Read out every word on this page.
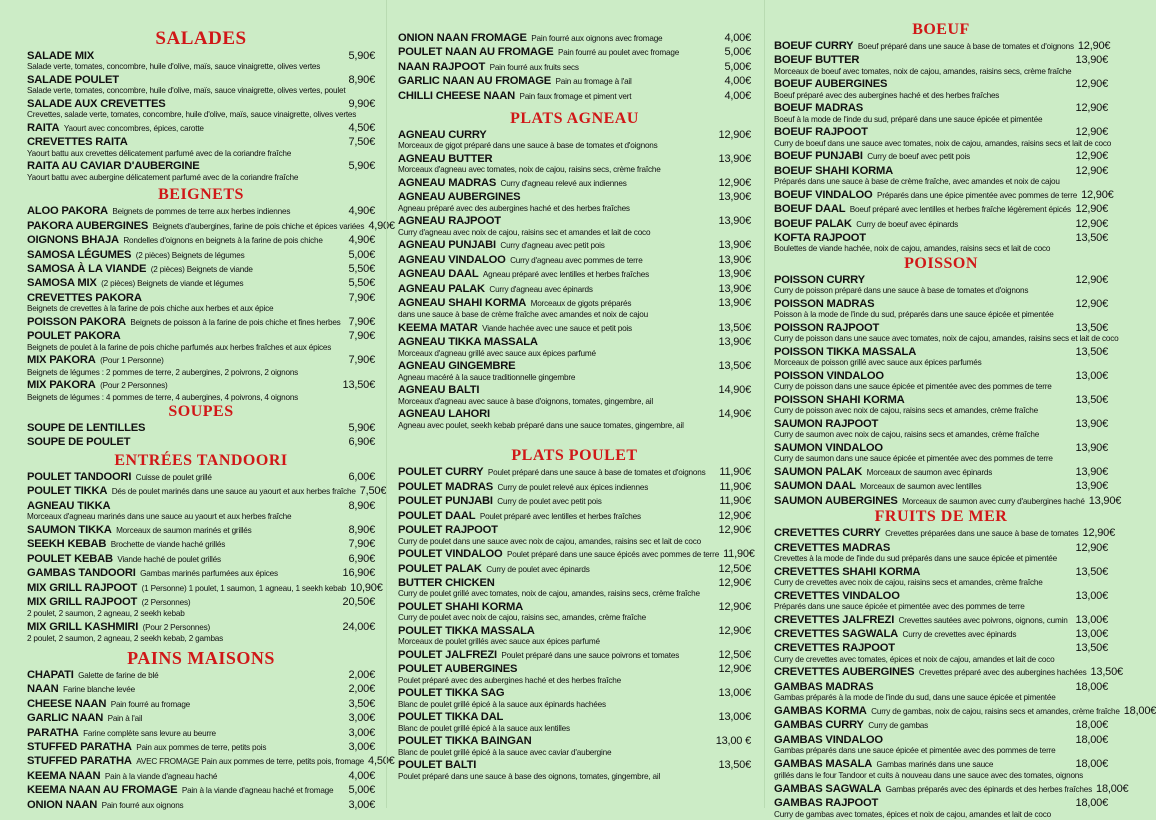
SALADES
SALADE MIX	5,90€
Salade verte, tomates, concombre, huile d'olive, maïs, sauce vinaigrette, olives vertes
SALADE POULET	8,90€
Salade verte, tomates, concombre, huile d'olive, maïs, sauce vinaigrette, olives vertes, poulet
SALADE AUX CREVETTES	9,90€
Crevettes, salade verte, tomates, concombre, huile d'olive, maïs, sauce vinaigrette, olives vertes
RAITA Yaourt avec concombres, épices, carotte	4,50€
CREVETTES RAITA	7,50€
Yaourt battu aux crevettes délicatement parfumé avec de la coriandre fraîche
RAITA AU CAVIAR D'AUBERGINE	5,90€
Yaourt battu avec aubergine délicatement parfumé avec de la coriandre fraîche
BEIGNETS
ALOO PAKORA Beignets de pommes de terre aux herbes indiennes	4,90€
PAKORA AUBERGINES Beignets d'aubergines, farine de pois chiche et épices variées 4,90€
OIGNONS BHAJA Rondelles d'oignons en beignets à la farine de pois chiche 4,90€
SAMOSA LÉGUMES (2 pièces) Beignets de légumes	5,00€
SAMOSA À LA VIANDE (2 pièces) Beignets de viande	5,50€
SAMOSA MIX (2 pièces) Beignets de viande et légumes	5,50€
CREVETTES PAKORA	7,90€
Beignets de crevettes à la farine de pois chiche aux herbes et aux épice
POISSON PAKORA Beignets de poisson à la farine de pois chiche et fines herbes 7,90€
POULET PAKORA	7,90€
Beignets de poulet à la farine de pois chiche parfumés aux herbes fraîches et aux épices
MIX PAKORA (Pour 1 Personne)	7,90€
Beignets de légumes : 2 pommes de terre, 2 aubergines, 2 poivrons, 2 oignons
MIX PAKORA (Pour 2 Personnes)	13,50€
Beignets de légumes : 4 pommes de terre, 4 aubergines, 4 poivrons, 4 oignons
SOUPES
SOUPE DE LENTILLES	5,90€
SOUPE DE POULET	6,90€
ENTRÉES TANDOORI
POULET TANDOORI Cuisse de poulet grillé	6,00€
POULET TIKKA Dés de poulet marinés dans une sauce au yaourt et aux herbes fraîche 7,50€
AGNEAU TIKKA	8,90€
Morceaux d'agneau marinés dans une sauce au yaourt et aux herbes fraîche
SAUMON TIKKA Morceaux de saumon marinés et grillés	8,90€
SEEKH KEBAB Brochette de viande haché grillés	7,90€
POULET KEBAB Viande haché de poulet grillés	6,90€
GAMBAS TANDOORI Gambas marinés parfumées aux épices	16,90€
MIX GRILL RAJPOOT (1 Personne) 1 poulet, 1 saumon, 1 agneau, 1 seekh kebab 10,90€
MIX GRILL RAJPOOT (2 Personnes)	20,50€
2 poulet, 2 saumon, 2 agneau, 2 seekh kebab
MIX GRILL KASHMIRI (Pour 2 Personnes)	24,00€
2 poulet, 2 saumon, 2 agneau, 2 seekh kebab, 2 gambas
PAINS MAISONS
CHAPATI Galette de farine de blé	2,00€
NAAN Farine blanche levée	2,00€
CHEESE NAAN Pain fourré au fromage	3,50€
GARLIC NAAN Pain à l'ail	3,00€
PARATHA Farine complète sans levure au beurre	3,00€
STUFFED PARATHA Pain aux pommes de terre, petits pois	3,00€
STUFFED PARATHA AVEC FROMAGE Pain aux pommes de terre, petits pois, fromage 4,50€
KEEMA NAAN Pain à la viande d'agneau haché	4,00€
KEEMA NAAN AU FROMAGE Pain à la viande d'agneau haché et fromage 5,00€
ONION NAAN Pain fourré aux oignons	3,00€
ONION NAAN FROMAGE Pain fourré aux oignons avec fromage	4,00€
POULET NAAN AU FROMAGE Pain fourré au poulet avec fromage	5,00€
NAAN RAJPOOT Pain fourré aux fruits secs	5,00€
GARLIC NAAN AU FROMAGE Pain au fromage à l'ail	4,00€
CHILLI CHEESE NAAN Pain faux fromage et piment vert	4,00€
PLATS AGNEAU
AGNEAU CURRY	12,90€
Morceaux de gigot préparé dans une sauce à base de tomates et d'oignons
AGNEAU BUTTER	13,90€
Morceaux d'agneau avec tomates, noix de cajou, raisins secs, crème fraîche
AGNEAU MADRAS Curry d'agneau relevé aux indiennes	12,90€
AGNEAU AUBERGINES	13,90€
Agneau préparé avec des aubergines haché et des herbes fraîches
AGNEAU RAJPOOT	13,90€
Curry d'agneau avec noix de cajou, raisins sec et amandes et lait de coco
AGNEAU PUNJABI Curry d'agneau avec petit pois	13,90€
AGNEAU VINDALOO Curry d'agneau avec pommes de terre	13,90€
AGNEAU DAAL Agneau préparé avec lentilles et herbes fraîches	13,90€
AGNEAU PALAK Curry d'agneau avec épinards	13,90€
AGNEAU SHAHI KORMA Morceaux de gigots préparés	13,90€
dans une sauce à base de crème fraîche avec amandes et noix de cajou
KEEMA MATAR Viande hachée avec une sauce et petit pois	13,50€
AGNEAU TIKKA MASSALA	13,90€
Morceaux d'agneau grillé avec sauce aux épices parfumé
AGNEAU GINGEMBRE	13,50€
Agneau macéré à la sauce traditionnelle gingembre
AGNEAU BALTI	14,90€
Morceaux d'agneau avec sauce à base d'oignons, tomates, gingembre, ail
AGNEAU LAHORI	14,90€
Agneau avec poulet, seekh kebab préparé dans une sauce tomates, gingembre, ail
PLATS POULET
POULET CURRY Poulet préparé dans une sauce à base de tomates et d'oignons 11,90€
POULET MADRAS Curry de poulet relevé aux épices indiennes	11,90€
POULET PUNJABI Curry de poulet avec petit pois	11,90€
POULET DAAL Poulet préparé avec lentilles et herbes fraîches	12,90€
POULET RAJPOOT	12,90€
Curry de poulet dans une sauce avec noix de cajou, amandes, raisins sec et lait de coco
POULET VINDALOO Poulet préparé dans une sauce épicés avec pommes de terre 11,90€
POULET PALAK Curry de poulet avec épinards	12,50€
BUTTER CHICKEN	12,90€
Curry de poulet grillé avec tomates, noix de cajou, amandes, raisins secs, crème fraîche
POULET SHAHI KORMA	12,90€
Curry de poulet avec noix de cajou, raisins sec, amandes, crème fraîche
POULET TIKKA MASSALA	12,90€
Morceaux de poulet grillés avec sauce aux épices parfumé
POULET JALFREZI Poulet préparé dans une sauce poivrons et tomates	12,50€
POULET AUBERGINES	12,90€
Poulet préparé avec des aubergines haché et des herbes fraîche
POULET TIKKA SAG	13,00€
Blanc de poulet grillé épicé à la sauce aux épinards hachées
POULET TIKKA DAL	13,00€
Blanc de poulet grillé épicé à la sauce aux lentilles
POULET TIKKA BAINGAN	13,00 €
Blanc de poulet grillé épicé à la sauce avec caviar d'aubergine
POULET BALTI	13,50€
Poulet préparé dans une sauce à base des oignons, tomates, gingembre, ail
BOEUF
BOEUF CURRY Boeuf préparé dans une sauce à base de tomates et d'oignons 12,90€
BOEUF BUTTER	13,90€
Morceaux de boeuf avec tomates, noix de cajou, amandes, raisins secs, crème fraîche
BOEUF AUBERGINES	12,90€
Boeuf préparé avec des aubergines haché et des herbes fraîches
BOEUF MADRAS	12,90€
Boeuf à la mode de l'inde du sud, préparé dans une sauce épicée et pimentée
BOEUF RAJPOOT	12,90€
Curry de boeuf dans une sauce avec tomates, noix de cajou, amandes, raisins secs et lait de coco
BOEUF PUNJABI Curry de boeuf avec petit pois	12,90€
BOEUF SHAHI KORMA	12,90€
Préparés dans une sauce à base de crème fraîche, avec amandes et noix de cajou
BOEUF VINDALOO Préparés dans une épice pimentée avec pommes de terre 12,90€
BOEUF DAAL Boeuf préparé avec lentilles et herbes fraîche légèrement épicés 12,90€
BOEUF PALAK Curry de boeuf avec épinards	12,90€
KOFTA RAJPOOT	13,50€
Boulettes de viande hachée, noix de cajou, amandes, raisins secs et lait de coco
POISSON
POISSON CURRY	12,90€
Curry de poisson préparé dans une sauce à base de tomates et d'oignons
POISSON MADRAS	12,90€
Poisson à la mode de l'inde du sud, préparés dans une sauce épicée et pimentée
POISSON RAJPOOT	13,50€
Curry de poisson dans une sauce avec tomates, noix de cajou, amandes, raisins secs et lait de coco
POISSON TIKKA MASSALA	13,50€
Morceaux de poisson grillé avec sauce aux épices parfumés
POISSON VINDALOO	13,00€
Curry de poisson dans une sauce épicée et pimentée avec des pommes de terre
POISSON SHAHI KORMA	13,50€
Curry de poisson avec noix de cajou, raisins secs et amandes, crème fraîche
SAUMON RAJPOOT	13,90€
Curry de saumon avec noix de cajou, raisins secs et amandes, crème fraîche
SAUMON VINDALOO	13,90€
Curry de saumon dans une sauce épicée et pimentée avec des pommes de terre
SAUMON PALAK Morceaux de saumon avec épinards	13,90€
SAUMON DAAL Morceaux de saumon avec lentilles	13,90€
SAUMON AUBERGINES Morceaux de saumon avec curry d'aubergines haché 13,90€
FRUITS DE MER
CREVETTES CURRY Crevettes préparées dans une sauce à base de tomates 12,90€
CREVETTES MADRAS	12,90€
Crevettes à la mode de l'inde du sud préparés dans une sauce épicée et pimentée
CREVETTES SHAHI KORMA	13,50€
Curry de crevettes avec noix de cajou, raisins secs et amandes, crème fraîche
CREVETTES VINDALOO	13,00€
Préparés dans une sauce épicée et pimentée avec des pommes de terre
CREVETTES JALFREZI Crevettes sautées avec poivrons, oignons, cumin 13,00€
CREVETTES SAGWALA Curry de crevettes avec épinards	13,00€
CREVETTES RAJPOOT	13,50€
Curry de crevettes avec tomates, épices et noix de cajou, amandes et lait de coco
CREVETTES AUBERGINES Crevettes préparé avec des aubergines hachées 13,50€
GAMBAS MADRAS	18,00€
Gambas préparés à la mode de l'inde du sud, dans une sauce épicée et pimentée
GAMBAS KORMA Curry de gambas, noix de cajou, raisins secs et amandes, crème fraîche 18,00€
GAMBAS CURRY Curry de gambas	18,00€
GAMBAS VINDALOO	18,00€
Gambas préparés dans une sauce épicée et pimentée avec des pommes de terre
GAMBAS MASALA Gambas marinés dans une sauce	18,00€
grillés dans le four Tandoor et cuits à nouveau dans une sauce avec des tomates, oignons
GAMBAS SAGWALA Gambas préparés avec des épinards et des herbes fraîches 18,00€
GAMBAS RAJPOOT	18,00€
Curry de gambas avec tomates, épices et noix de cajou, amandes et lait de coco
